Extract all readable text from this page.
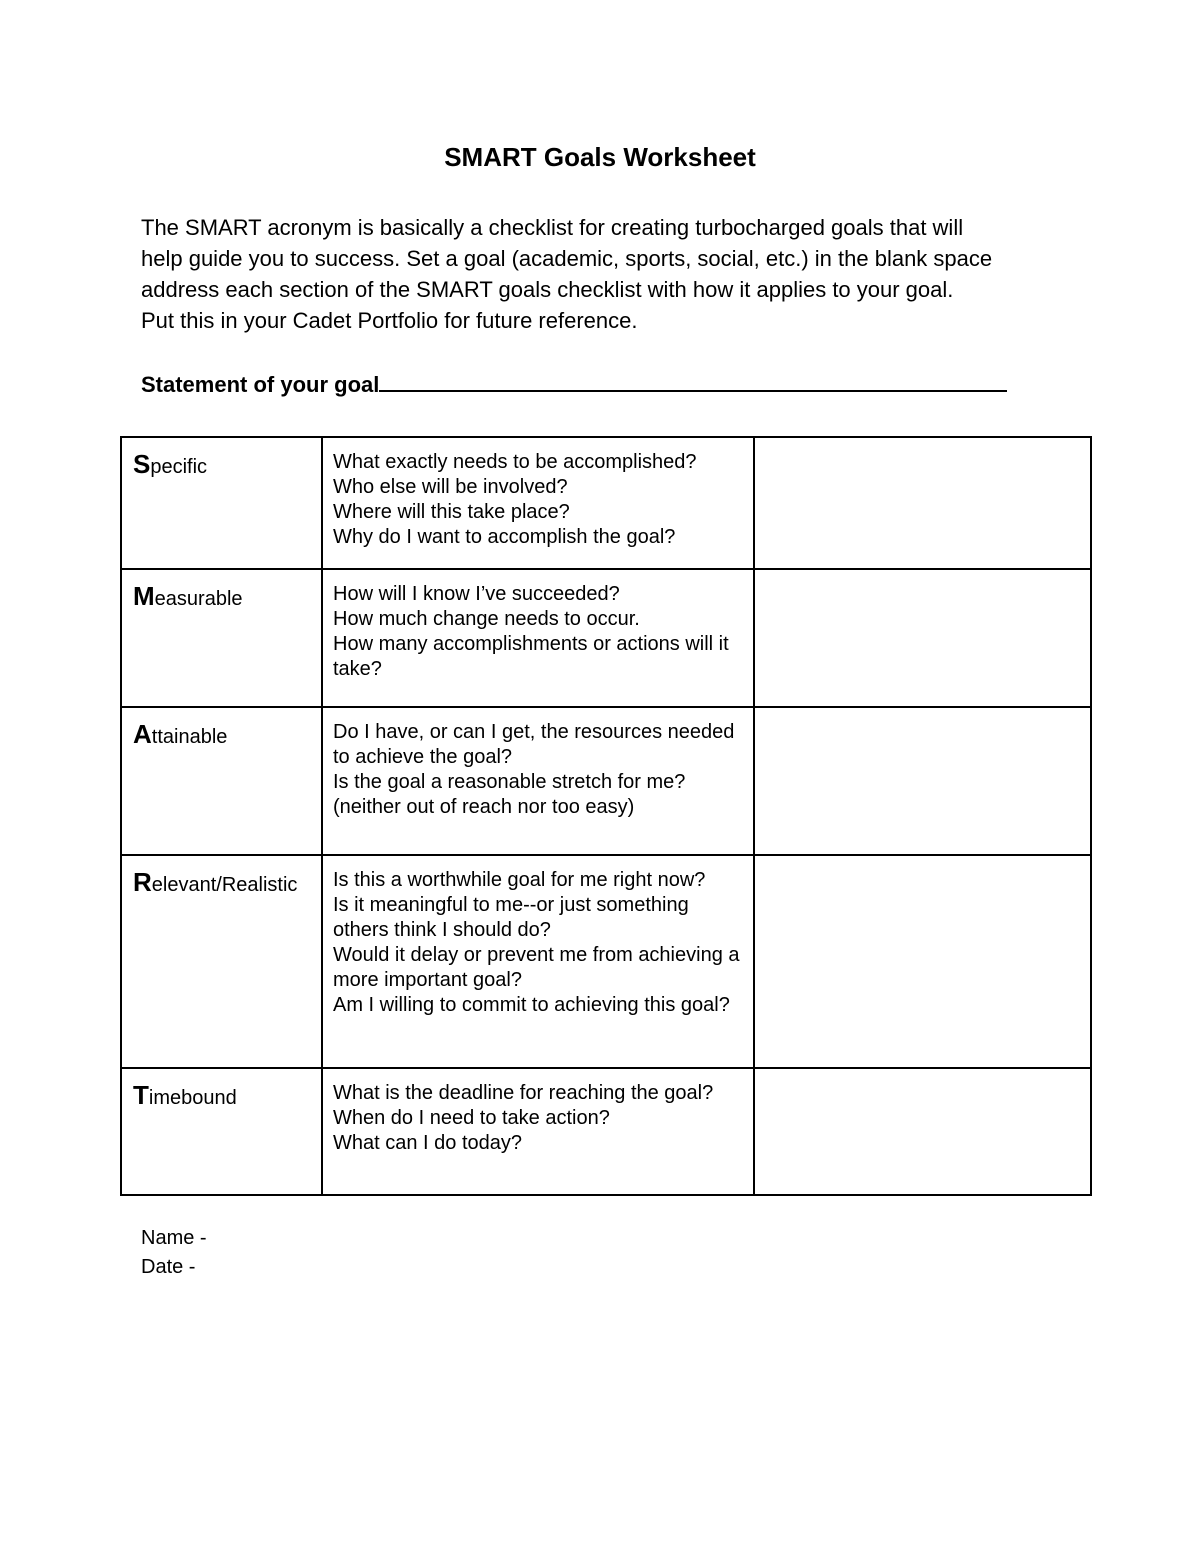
SMART Goals Worksheet
The SMART acronym is basically a checklist for creating turbocharged goals that will
help guide you to success. Set a goal (academic, sports, social, etc.) in the blank space
address each section of the SMART goals checklist with how it applies to your goal.
Put this in your Cadet Portfolio for future reference.
Statement of your goal
Specific	What exactly needs to be accomplished?
Who else will be involved?
Where will this take place?
Why do I want to accomplish the goal?	

Measurable	How will I know I’ve succeeded?
How much change needs to occur.
How many accomplishments or actions will it take?	

Attainable	Do I have, or can I get, the resources needed to achieve the goal?
Is the goal a reasonable stretch for me?
(neither out of reach nor too easy)	

Relevant/Realistic	Is this a worthwhile goal for me right now?
Is it meaningful to me--or just something others think I should do?
Would it delay or prevent me from achieving a more important goal?
Am I willing to commit to achieving this goal?	

Timebound	What is the deadline for reaching the goal?
When do I need to take action?
What can I do today?	

Name -
Date -
